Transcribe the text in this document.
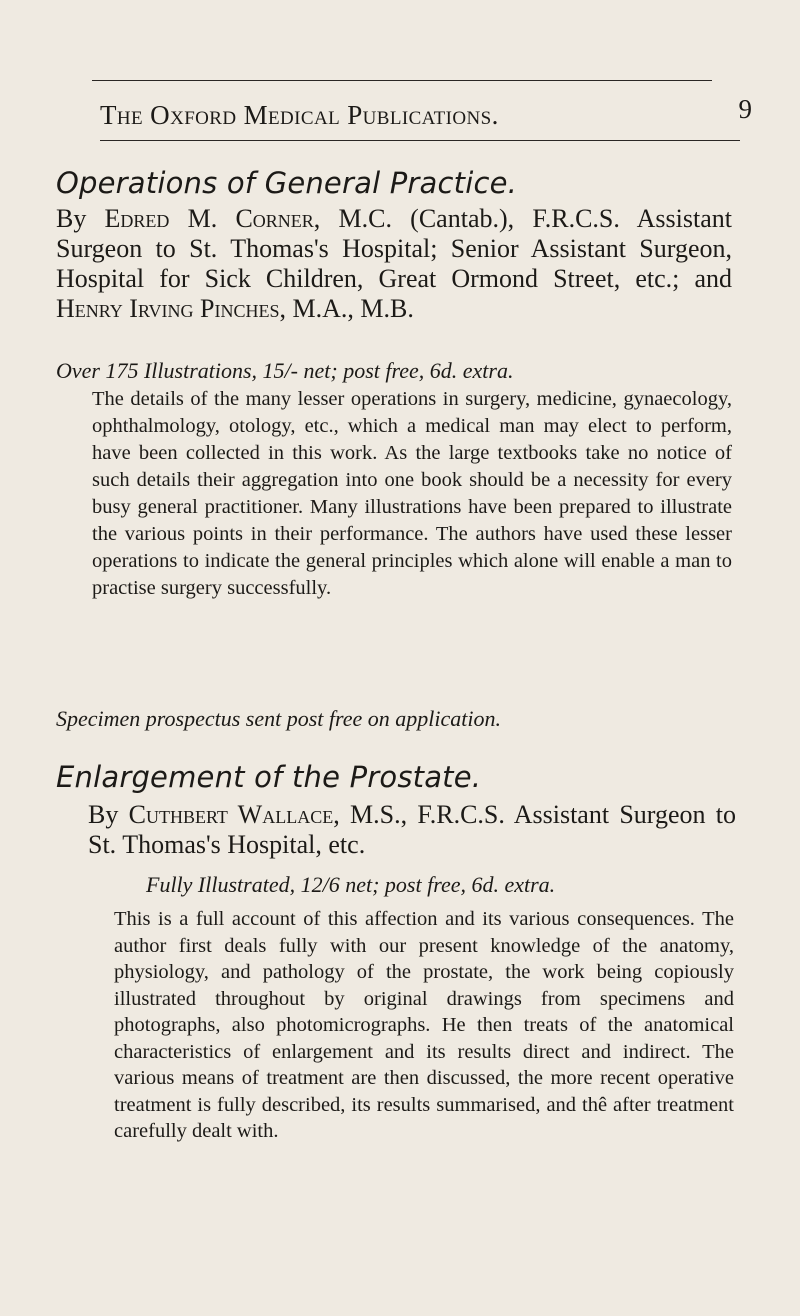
The Oxford Medical Publications.	9
Operations of General Practice.
By Edred M. Corner, M.C. (Cantab.), F.R.C.S. Assistant Surgeon to St. Thomas's Hospital; Senior Assistant Surgeon, Hospital for Sick Children, Great Ormond Street, etc.; and Henry Irving Pinches, M.A., M.B.
Over 175 Illustrations, 15/- net; post free, 6d. extra.
The details of the many lesser operations in surgery, medicine, gynaecology, ophthalmology, otology, etc., which a medical man may elect to perform, have been collected in this work. As the large textbooks take no notice of such details their aggregation into one book should be a necessity for every busy general practitioner. Many illustrations have been prepared to illustrate the various points in their performance. The authors have used these lesser operations to indicate the general principles which alone will enable a man to practise surgery successfully.
Specimen prospectus sent post free on application.
Enlargement of the Prostate.
By Cuthbert Wallace, M.S., F.R.C.S. Assistant Surgeon to St. Thomas's Hospital, etc.
Fully Illustrated, 12/6 net; post free, 6d. extra.
This is a full account of this affection and its various consequences. The author first deals fully with our present knowledge of the anatomy, physiology, and pathology of the prostate, the work being copiously illustrated throughout by original drawings from specimens and photographs, also photomicrographs. He then treats of the anatomical characteristics of enlargement and its results direct and indirect. The various means of treatment are then discussed, the more recent operative treatment is fully described, its results summarised, and thê after treatment carefully dealt with.
